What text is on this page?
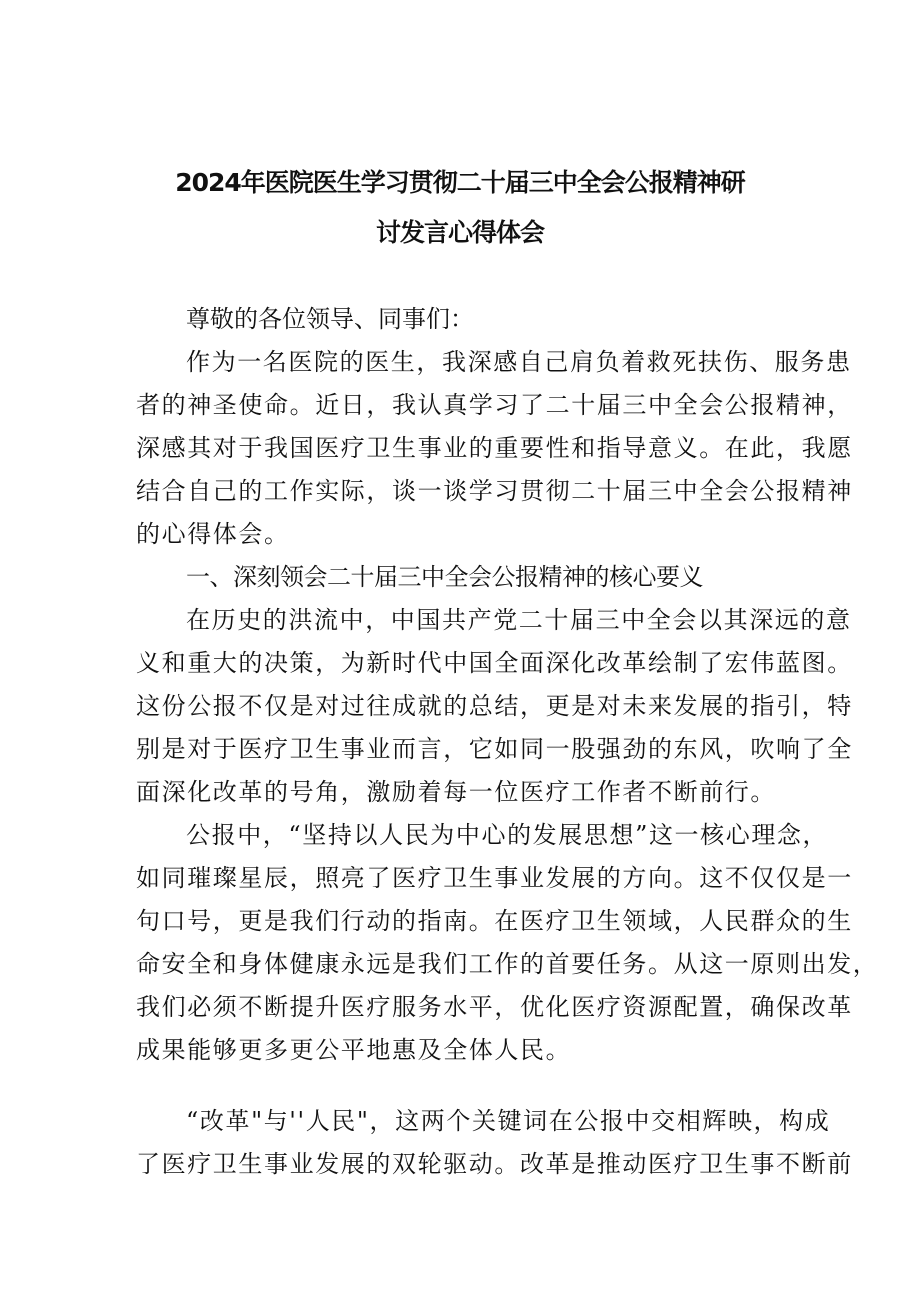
2024年医院医生学习贯彻二十届三中全会公报精神研
讨发言心得体会
尊敬的各位领导、同事们：
作为一名医院的医生，我深感自己肩负着救死扶伤、服务患
者的神圣使命。近日，我认真学习了二十届三中全会公报精神，
深感其对于我国医疗卫生事业的重要性和指导意义。在此，我愿
结合自己的工作实际，谈一谈学习贯彻二十届三中全会公报精神
的心得体会。
一、深刻领会二十届三中全会公报精神的核心要义
在历史的洪流中，中国共产党二十届三中全会以其深远的意
义和重大的决策，为新时代中国全面深化改革绘制了宏伟蓝图。
这份公报不仅是对过往成就的总结，更是对未来发展的指引，特
别是对于医疗卫生事业而言，它如同一股强劲的东风，吹响了全
面深化改革的号角，激励着每一位医疗工作者不断前行。
公报中，“坚持以人民为中心的发展思想”这一核心理念，
如同璀璨星辰，照亮了医疗卫生事业发展的方向。这不仅仅是一
句口号，更是我们行动的指南。在医疗卫生领域，人民群众的生
命安全和身体健康永远是我们工作的首要任务。从这一原则出发，
我们必须不断提升医疗服务水平，优化医疗资源配置，确保改革
成果能够更多更公平地惠及全体人民。
“改革"与''人民"，这两个关键词在公报中交相辉映，构成
了医疗卫生事业发展的双轮驱动。改革是推动医疗卫生事不断前
